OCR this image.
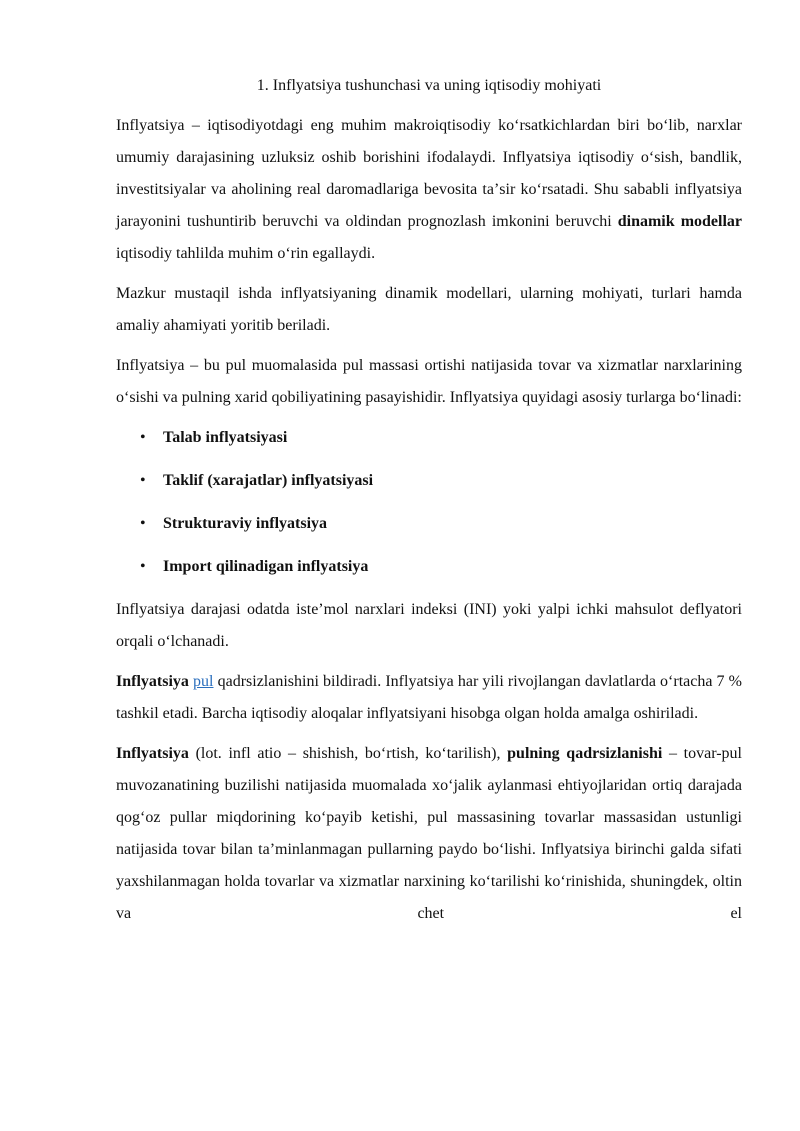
1. Inflyatsiya tushunchasi va uning iqtisodiy mohiyati

Inflyatsiya – iqtisodiyotdagi eng muhim makroiqtisodiy koʻrsatkichlardan biri boʻlib, narxlar umumiy darajasining uzluksiz oshib borishini ifodalaydi. Inflyatsiya iqtisodiy oʻsish, bandlik, investitsiyalar va aholining real daromadlariga bevosita taʼsir koʻrsatadi. Shu sababli inflyatsiya jarayonini tushuntirib beruvchi va oldindan prognozlash imkonini beruvchi dinamik modellar iqtisodiy tahlilda muhim oʻrin egallaydi.

Mazkur mustaqil ishda inflyatsiyaning dinamik modellari, ularning mohiyati, turlari hamda amaliy ahamiyati yoritib beriladi.

Inflyatsiya – bu pul muomalasida pul massasi ortishi natijasida tovar va xizmatlar narxlarining oʻsishi va pulning xarid qobiliyatining pasayishidir. Inflyatsiya quyidagi asosiy turlarga boʻlinadi:

• Talab inflyatsiyasi
• Taklif (xarajatlar) inflyatsiyasi
• Strukturaviy inflyatsiya
• Import qilinadigan inflyatsiya

Inflyatsiya darajasi odatda isteʼmol narxlari indeksi (INI) yoki yalpi ichki mahsulot deflyatori orqali oʻlchanadi.

Inflyatsiya pul qadrsizlanishini bildiradi. Inflyatsiya har yili rivojlangan davlatlarda oʻrtacha 7 % tashkil etadi. Barcha iqtisodiy aloqalar inflyatsiyani hisobga olgan holda amalga oshiriladi.

Inflyatsiya (lot. infl atio – shishish, boʻrtish, koʻtarilish), pulning qadrsizlanishi – tovar-pul muvozanatining buzilishi natijasida muomalada xoʻjalik aylanmasi ehtiyojlaridan ortiq darajada qogʻoz pullar miqdorining koʻpayib ketishi, pul massasining tovarlar massasidan ustunligi natijasida tovar bilan taʼminlanmagan pullarning paydo boʻlishi. Inflyatsiya birinchi galda sifati yaxshilanmagan holda tovarlar va xizmatlar narxining koʻtarilishi koʻrinishida, shuningdek, oltin va chet el
